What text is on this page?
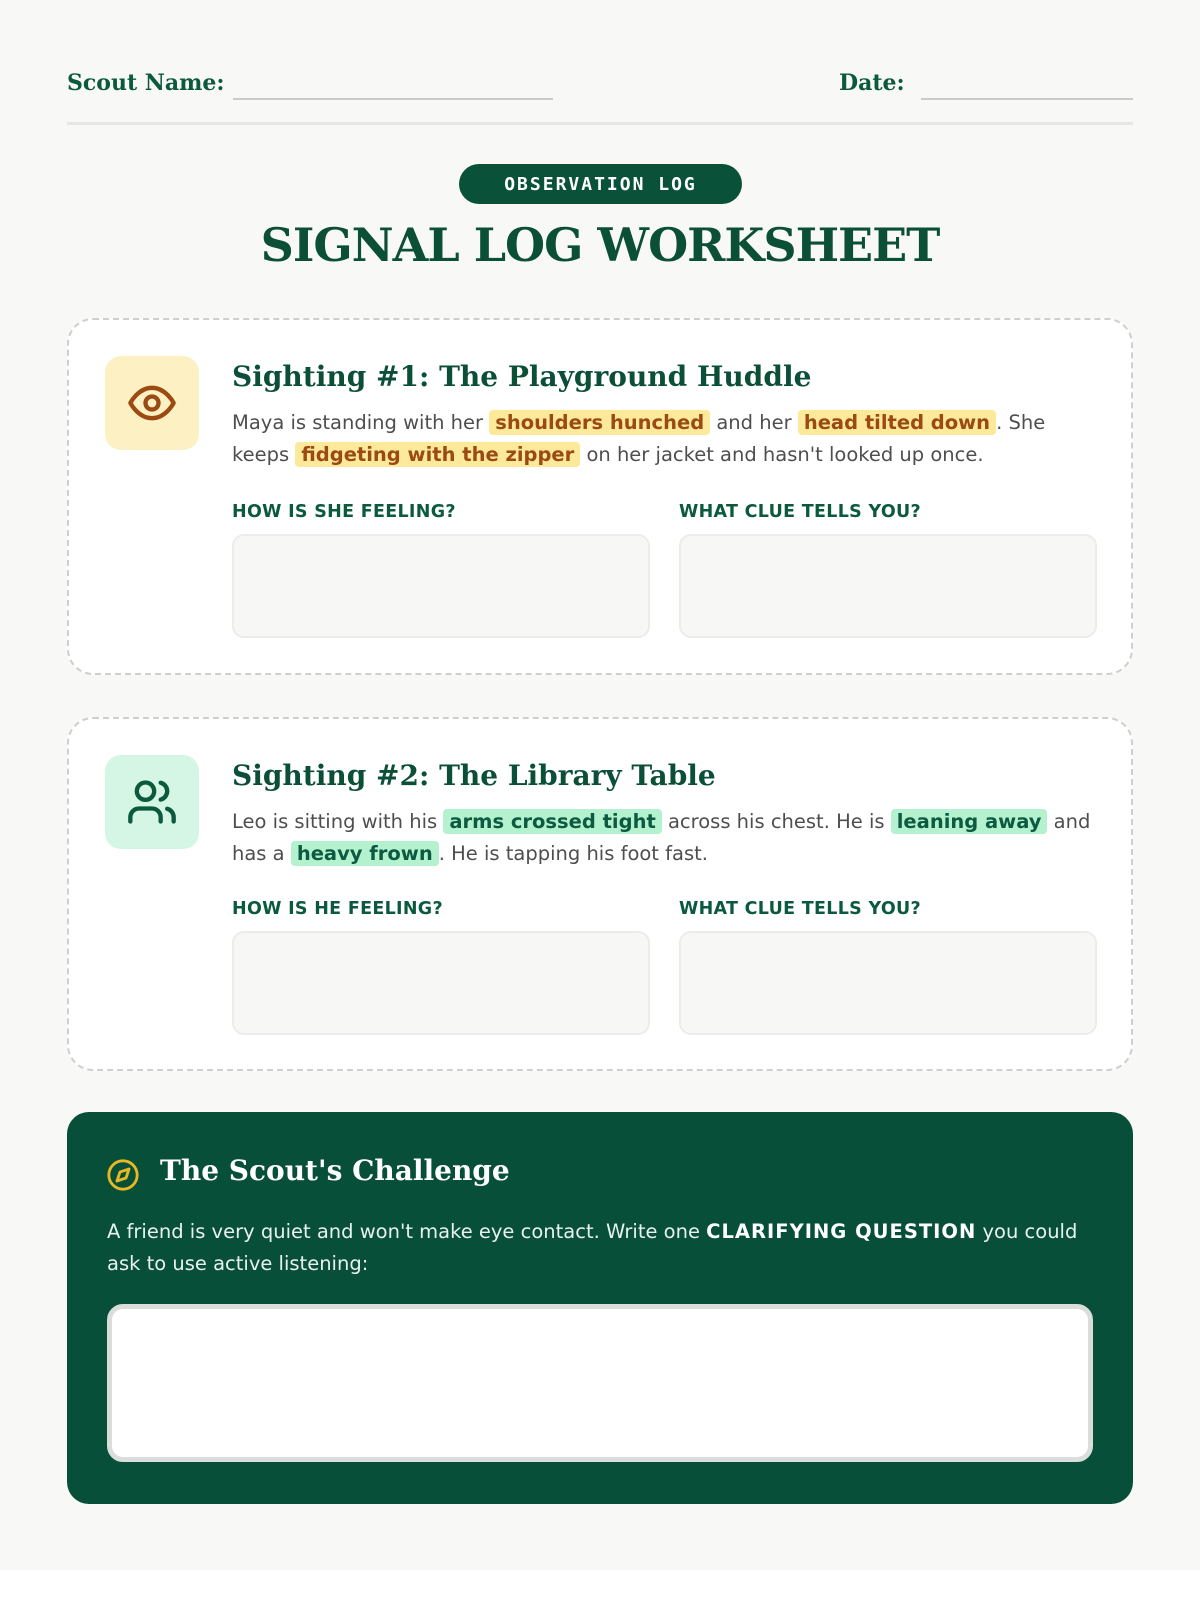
Scout Name:	Date:
OBSERVATION LOG
SIGNAL LOG WORKSHEET
Sighting #1: The Playground Huddle
Maya is standing with her shoulders hunched and her head tilted down . She keeps fidgeting with the zipper on her jacket and hasn't looked up once.
HOW IS SHE FEELING?	WHAT CLUE TELLS YOU?
Sighting #2: The Library Table
Leo is sitting with his arms crossed tight across his chest. He is leaning away and has a heavy frown . He is tapping his foot fast.
HOW IS HE FEELING?	WHAT CLUE TELLS YOU?
The Scout's Challenge
A friend is very quiet and won't make eye contact. Write one CLARIFYING QUESTION you could ask to use active listening:
